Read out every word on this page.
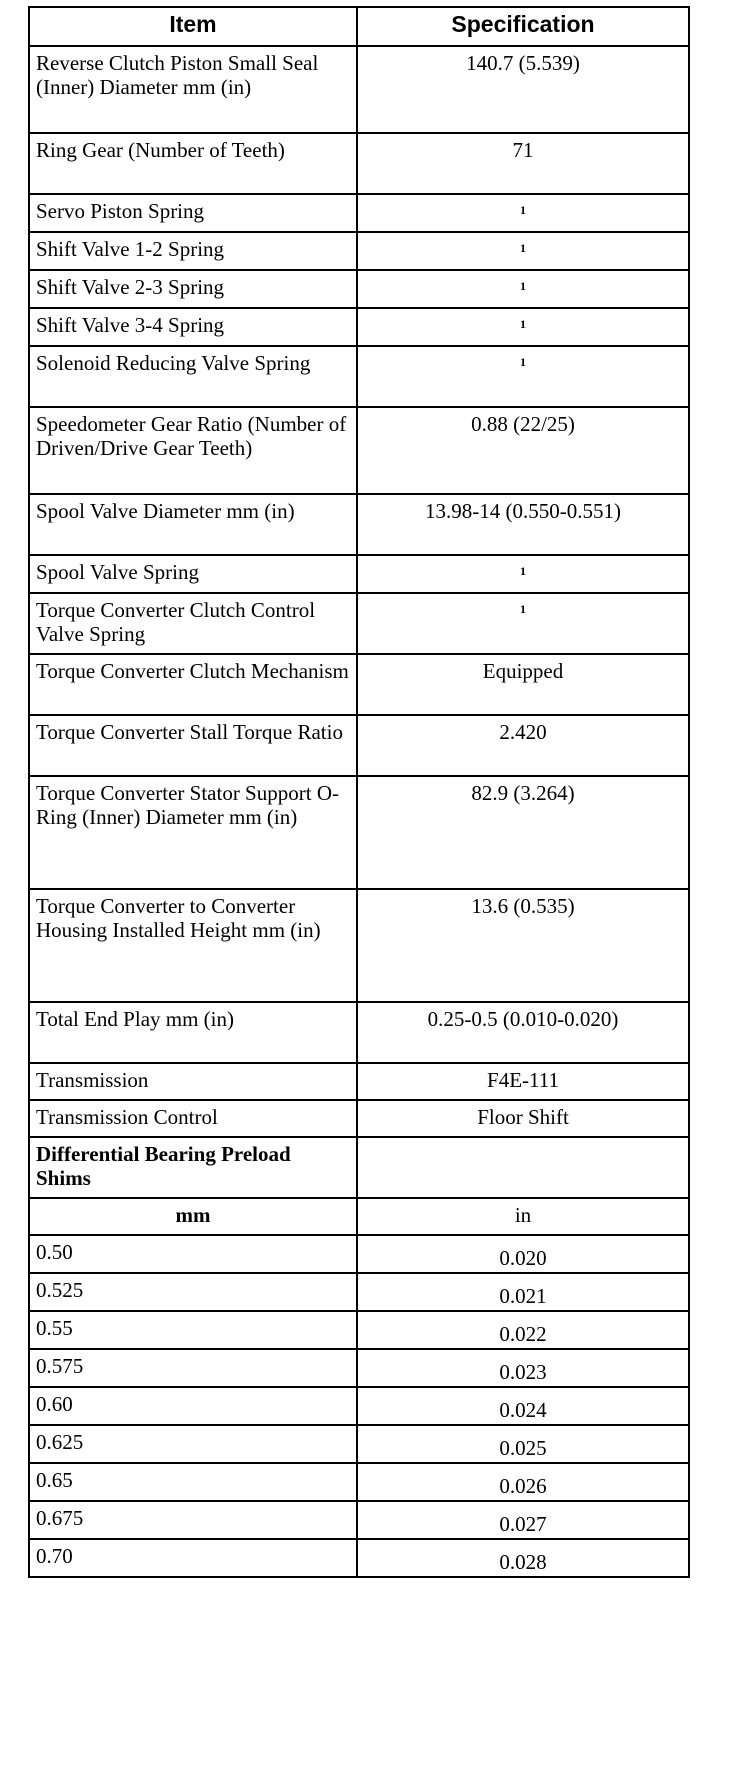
Item	Specification
Reverse Clutch Piston Small Seal (Inner) Diameter mm (in)	140.7 (5.539)
Ring Gear (Number of Teeth)	71
Servo Piston Spring	1
Shift Valve 1-2 Spring	1
Shift Valve 2-3 Spring	1
Shift Valve 3-4 Spring	1
Solenoid Reducing Valve Spring	1
Speedometer Gear Ratio (Number of Driven/Drive Gear Teeth)	0.88 (22/25)
Spool Valve Diameter mm (in)	13.98-14 (0.550-0.551)
Spool Valve Spring	1
Torque Converter Clutch Control Valve Spring	1
Torque Converter Clutch Mechanism	Equipped
Torque Converter Stall Torque Ratio	2.420
Torque Converter Stator Support O-Ring (Inner) Diameter mm (in)	82.9 (3.264)
Torque Converter to Converter Housing Installed Height mm (in)	13.6 (0.535)
Total End Play mm (in)	0.25-0.5 (0.010-0.020)
Transmission	F4E-111
Transmission Control	Floor Shift
Differential Bearing Preload Shims	
mm	in
0.50	0.020
0.525	0.021
0.55	0.022
0.575	0.023
0.60	0.024
0.625	0.025
0.65	0.026
0.675	0.027
0.70	0.028
